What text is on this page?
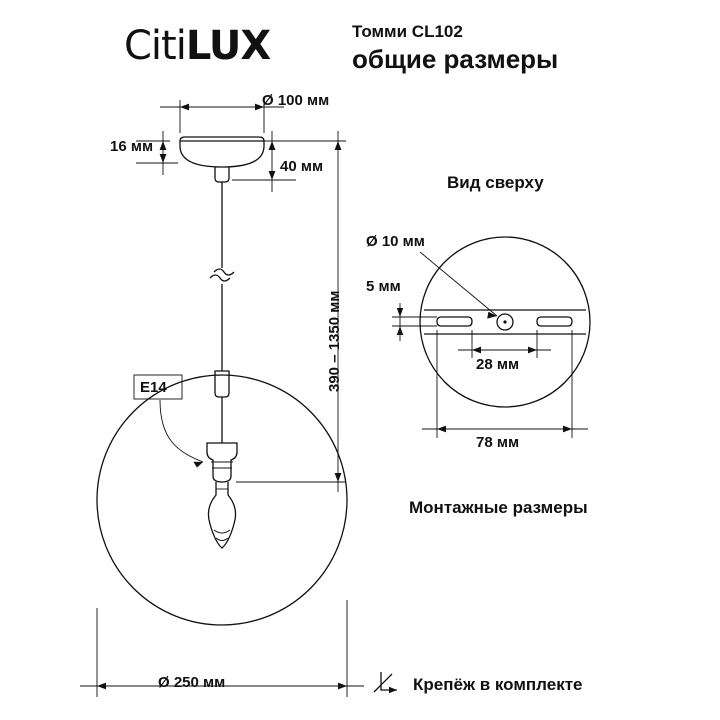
CitiLUX	Томми CL102
общие размеры
Ø 100 мм
16 мм
40 мм
390 – 1350 мм
E14
Ø 250 мм
Вид сверху
Ø 10 мм
5 мм
28 мм
78 мм
Монтажные размеры
Крепёж в комплекте
